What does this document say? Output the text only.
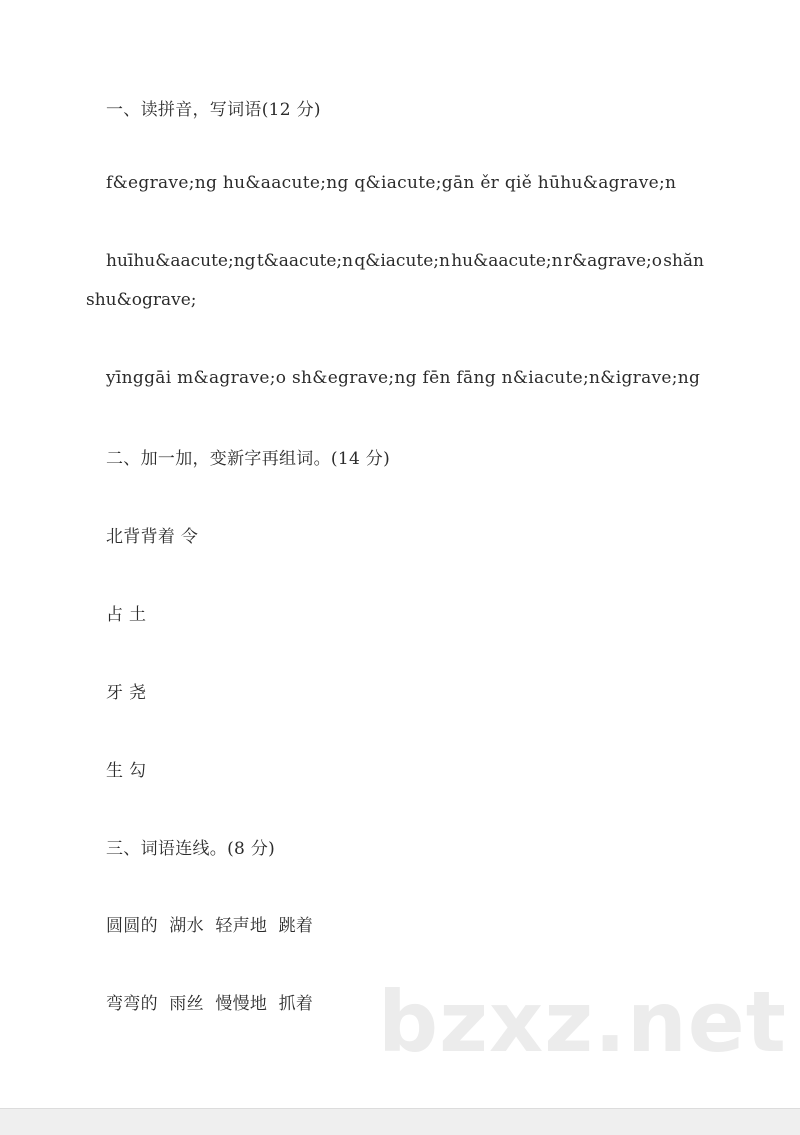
一、读拼音，写词语(12 分)
f&egrave;ng hu&aacute;ng q&iacute;gān ěr qiě hūhu&agrave;n
huīhu&aacute;ng t&aacute;n q&iacute;n hu&aacute;n r&agrave;o shăn
shu&ograve;
yīnggāi m&agrave;o sh&egrave;ng fēn fāng n&iacute;n&igrave;ng
二、加一加，变新字再组词。(14 分)
北背背着 令
占 土
牙 尧
生 勾
三、词语连线。(8 分)
圆圆的  湖水  轻声地  跳着
弯弯的  雨丝  慢慢地  抓着 bzxz.net
